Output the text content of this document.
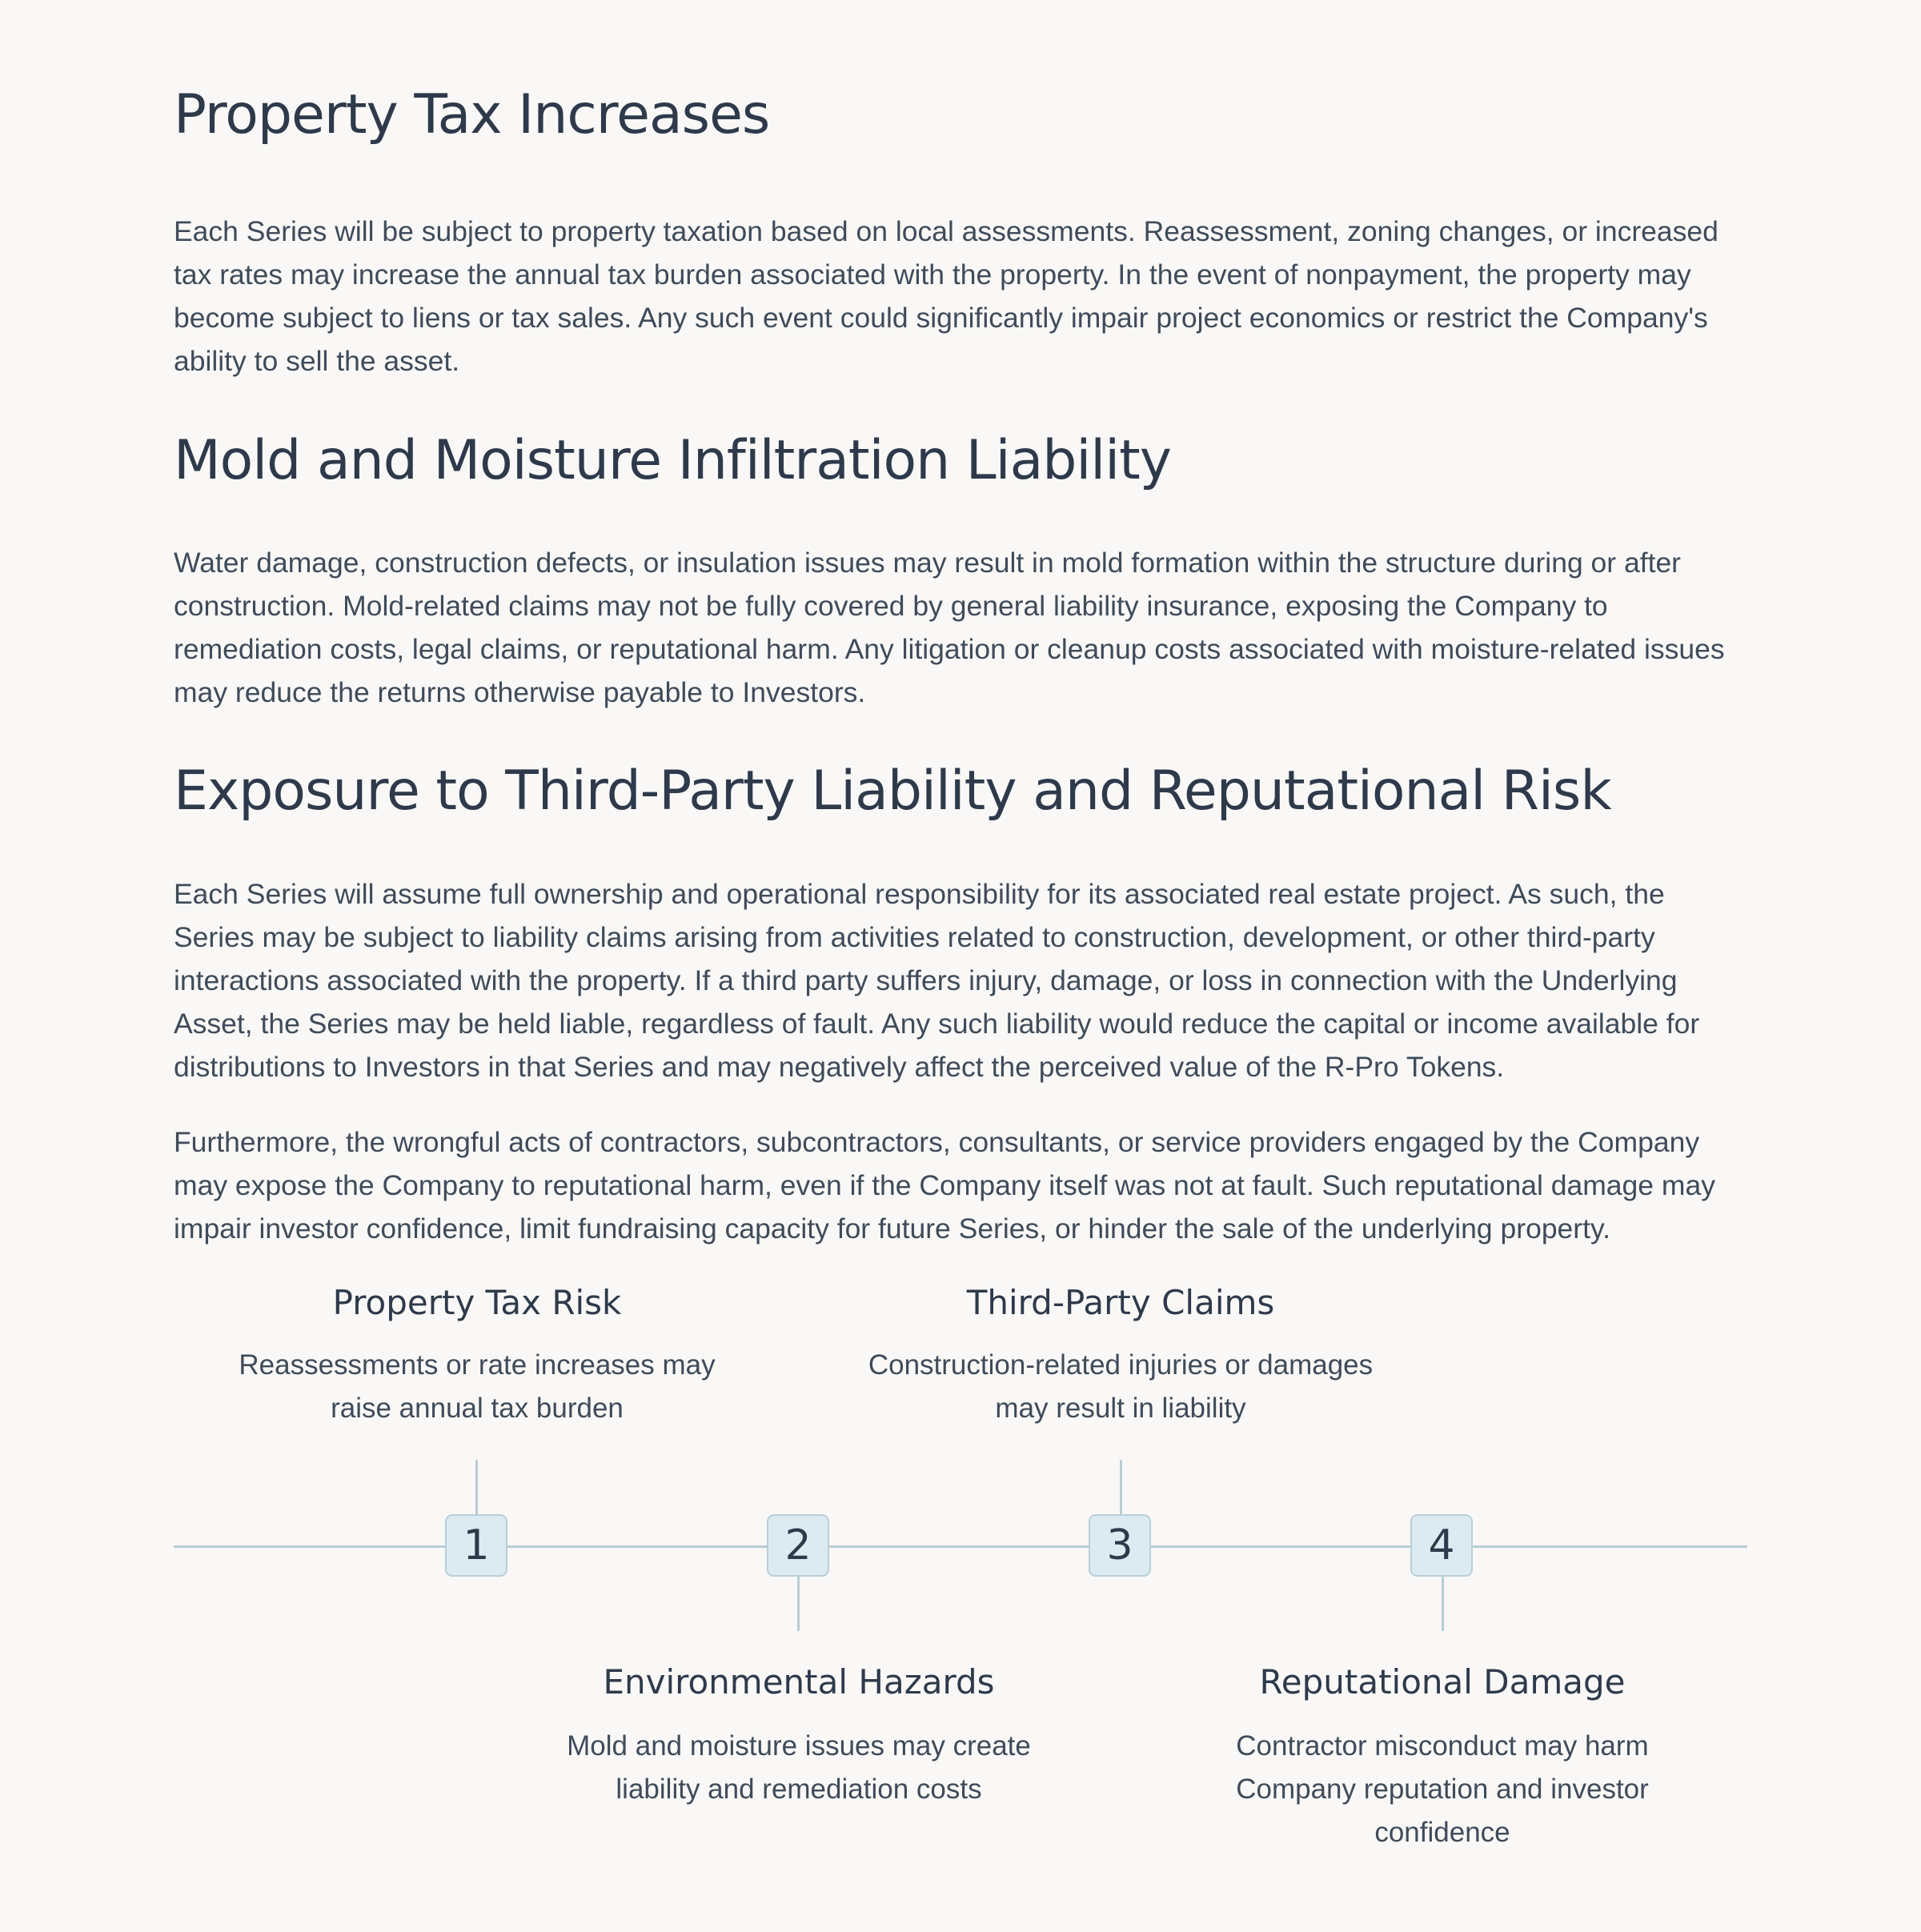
Property Tax Increases

Each Series will be subject to property taxation based on local assessments. Reassessment, zoning changes, or increased tax rates may increase the annual tax burden associated with the property. In the event of nonpayment, the property may become subject to liens or tax sales. Any such event could significantly impair project economics or restrict the Company's ability to sell the asset.

Mold and Moisture Infiltration Liability

Water damage, construction defects, or insulation issues may result in mold formation within the structure during or after construction. Mold-related claims may not be fully covered by general liability insurance, exposing the Company to remediation costs, legal claims, or reputational harm. Any litigation or cleanup costs associated with moisture-related issues may reduce the returns otherwise payable to Investors.

Exposure to Third-Party Liability and Reputational Risk

Each Series will assume full ownership and operational responsibility for its associated real estate project. As such, the Series may be subject to liability claims arising from activities related to construction, development, or other third-party interactions associated with the property. If a third party suffers injury, damage, or loss in connection with the Underlying Asset, the Series may be held liable, regardless of fault. Any such liability would reduce the capital or income available for distributions to Investors in that Series and may negatively affect the perceived value of the R-Pro Tokens.

Furthermore, the wrongful acts of contractors, subcontractors, consultants, or service providers engaged by the Company may expose the Company to reputational harm, even if the Company itself was not at fault. Such reputational damage may impair investor confidence, limit fundraising capacity for future Series, or hinder the sale of the underlying property.

Property Tax Risk

Reassessments or rate increases may raise annual tax burden

1	2

Environmental Hazards

Mold and moisture issues may create liability and remediation costs

Third-Party Claims

Construction-related injuries or damages may result in liability

3	4

Reputational Damage

Contractor misconduct may harm Company reputation and investor confidence
